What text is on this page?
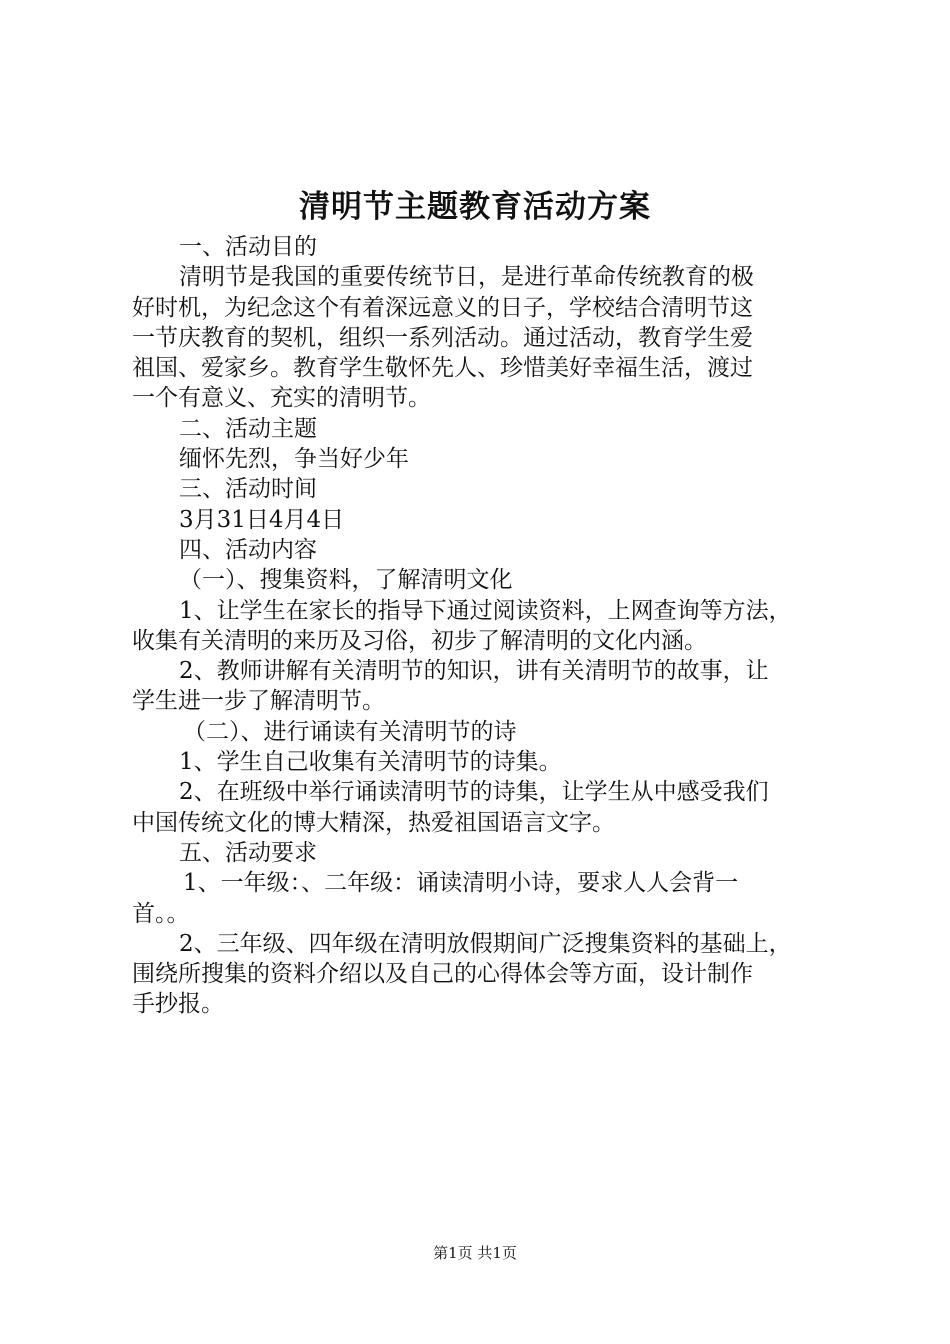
清明节主题教育活动方案

一、活动目的

清明节是我国的重要传统节日，是进行革命传统教育的极

好时机，为纪念这个有着深远意义的日子，学校结合清明节这

一节庆教育的契机，组织一系列活动。通过活动，教育学生爱

祖国、爱家乡。教育学生敬怀先人、珍惜美好幸福生活，渡过

一个有意义、充实的清明节。

二、活动主题

缅怀先烈，争当好少年

三、活动时间

3月31日4月4日

四、活动内容

（一）、搜集资料，了解清明文化

1、让学生在家长的指导下通过阅读资料，上网查询等方法，

收集有关清明的来历及习俗，初步了解清明的文化内涵。

2、教师讲解有关清明节的知识，讲有关清明节的故事，让

学生进一步了解清明节。

（二）、进行诵读有关清明节的诗

1、学生自己收集有关清明节的诗集。

2、在班级中举行诵读清明节的诗集，让学生从中感受我们

中国传统文化的博大精深，热爱祖国语言文字。

五、活动要求

1、一年级：、二年级：诵读清明小诗，要求人人会背一

首。。

2、三年级、四年级在清明放假期间广泛搜集资料的基础上，

围绕所搜集的资料介绍以及自己的心得体会等方面，设计制作

手抄报。

第1页 共1页
